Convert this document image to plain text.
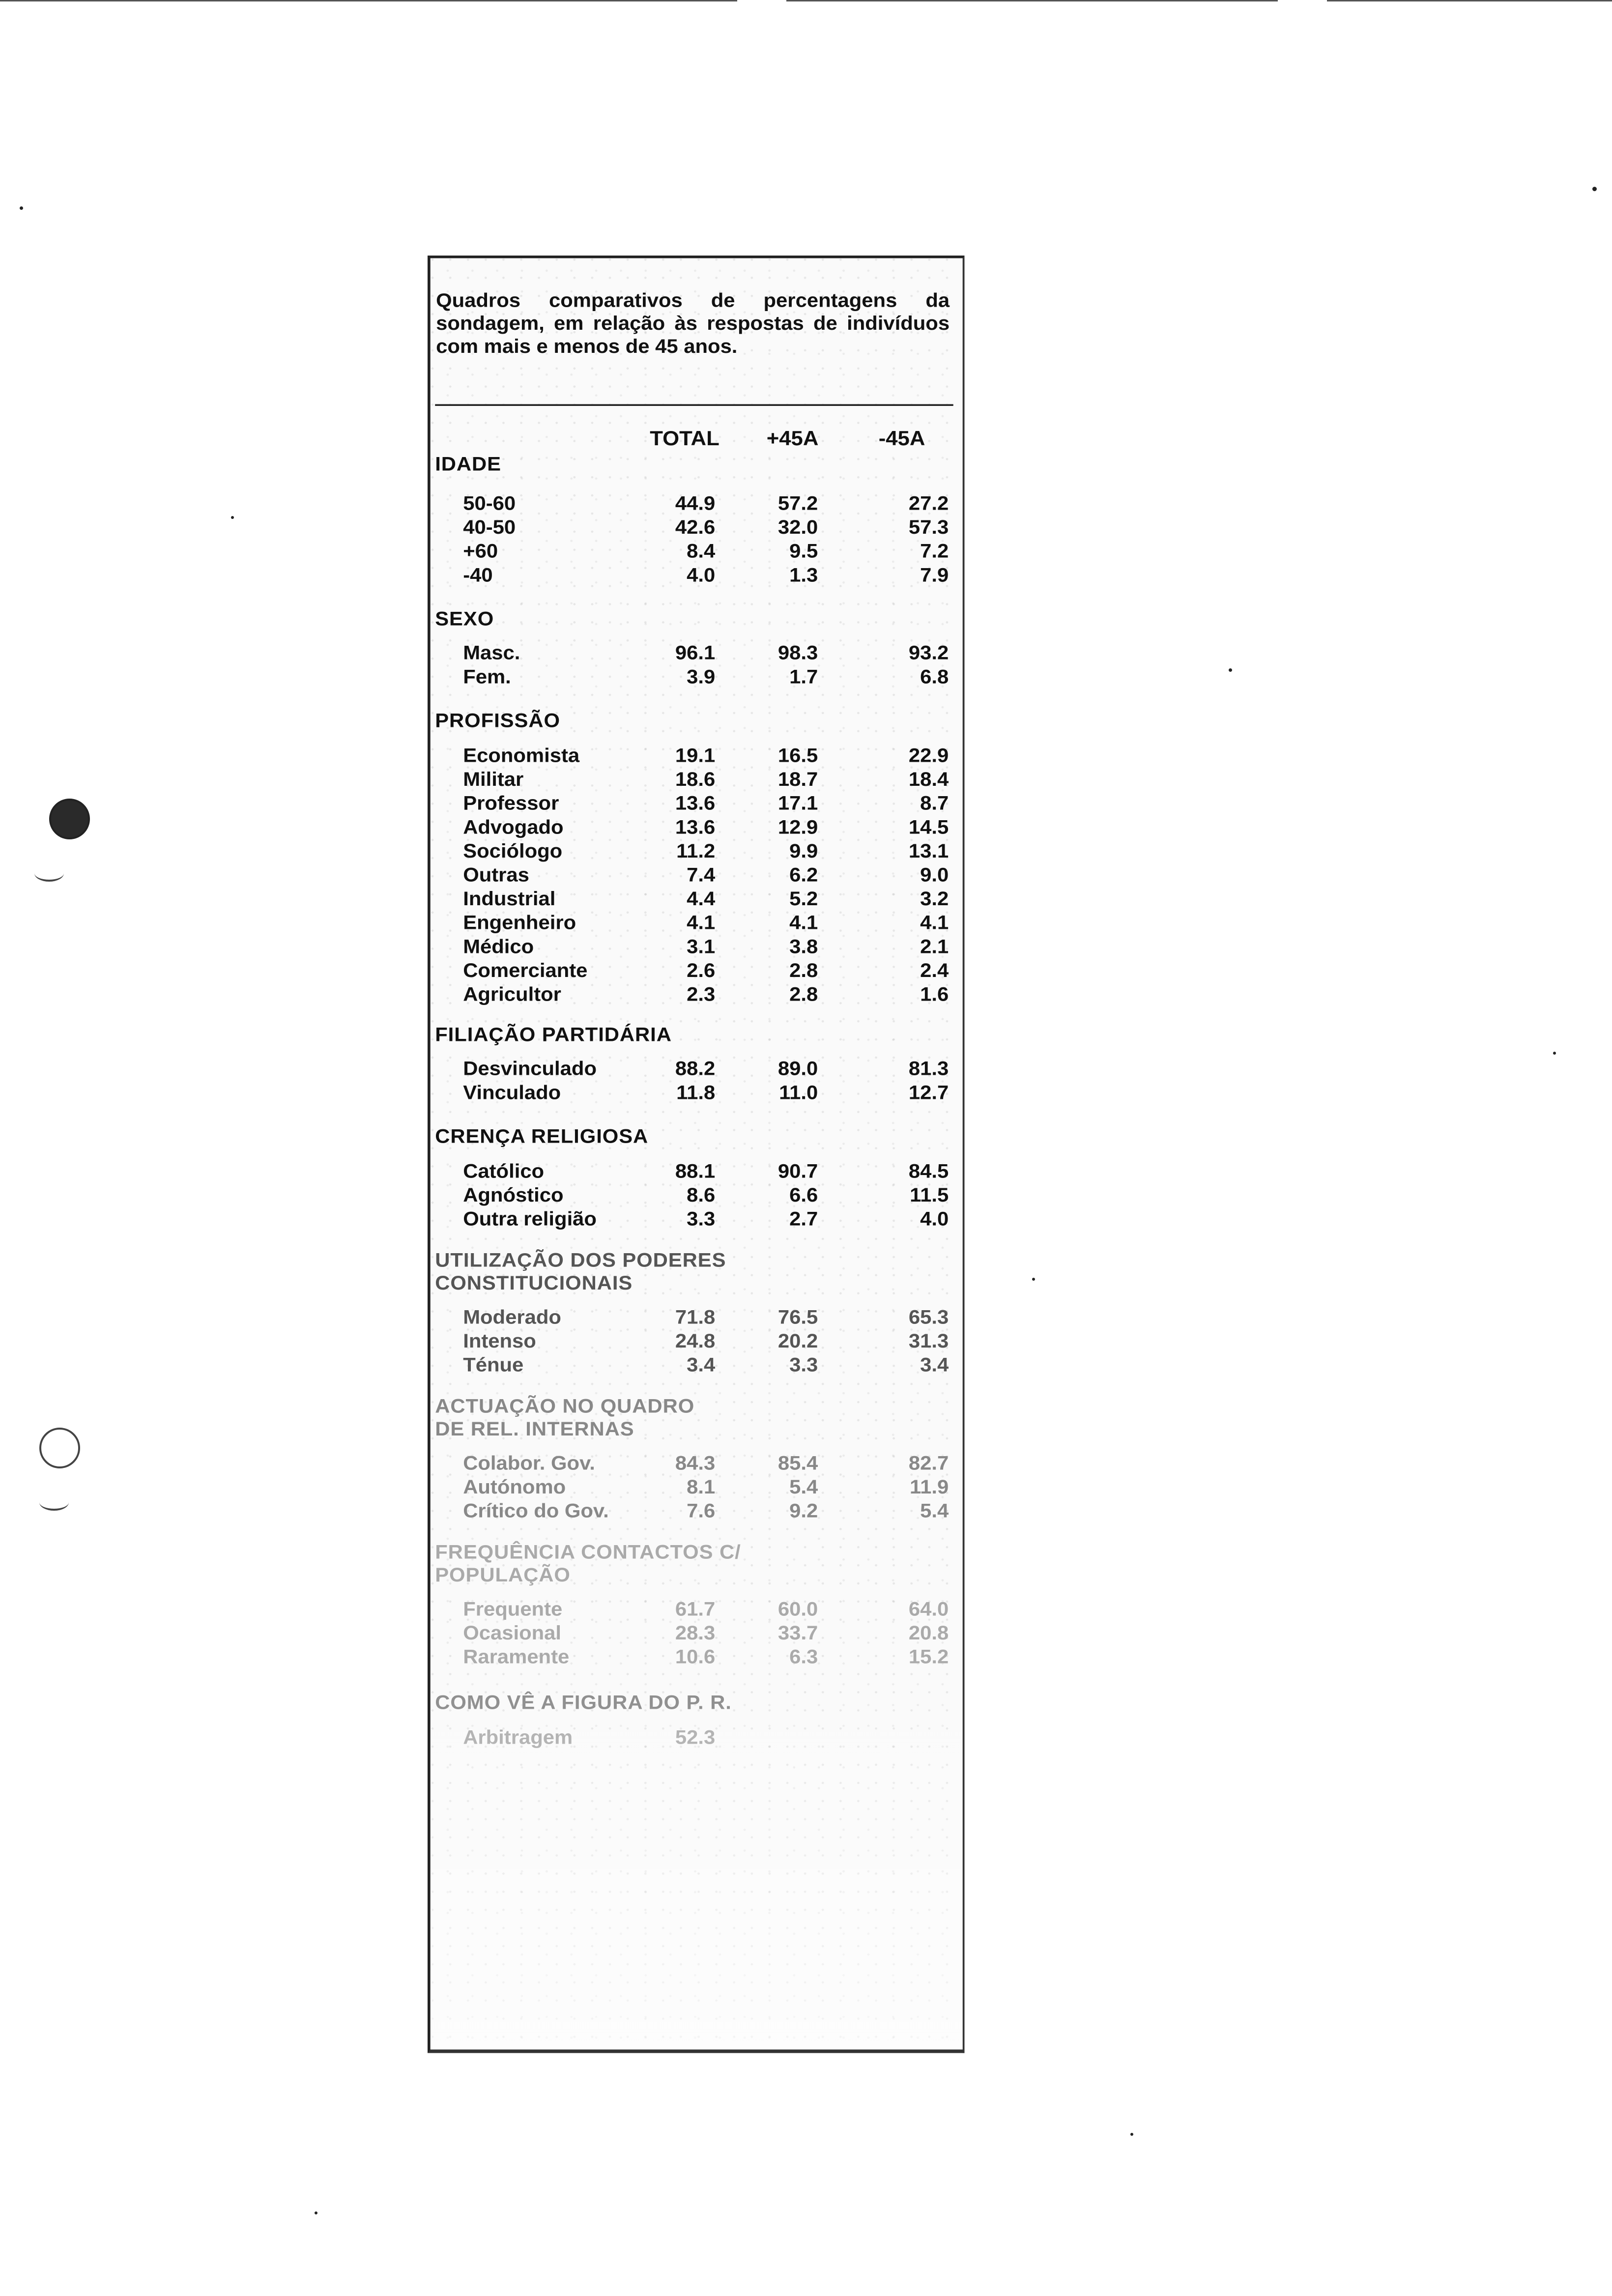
Quadros comparativos de percentagens da sondagem, em relação às respostas de indivíduos com mais e menos de 45 anos.
TOTAL +45A	-45A
IDADE
50-60	44.9	57.2	27.2
40-50	42.6	32.0	57.3
+60	8.4	9.5	7.2
-40	4.0	1.3	7.9
SEXO
Masc.	96.1	98.3	93.2
Fem.	3.9	1.7	6.8
PROFISSÃO
Economista	19.1	16.5	22.9
Militar	18.6	18.7	18.4
Professor	13.6	17.1	8.7
Advogado	13.6	12.9	14.5
Sociólogo	11.2	9.9	13.1
Outras	7.4	6.2	9.0
Industrial	4.4	5.2	3.2
Engenheiro	4.1	4.1	4.1
Médico	3.1	3.8	2.1
Comerciante	2.6	2.8	2.4
Agricultor	2.3	2.8	1.6
FILIAÇÃO PARTIDÁRIA
Desvinculado	88.2	89.0	81.3
Vinculado	11.8	11.0	12.7
CRENÇA RELIGIOSA
Católico	88.1	90.7	84.5
Agnóstico	8.6	6.6	11.5
Outra religião	3.3	2.7	4.0
UTILIZAÇÃO DOS PODERES CONSTITUCIONAIS
Moderado	71.8	76.5	65.3
Intenso	24.8	20.2	31.3
Ténue	3.4	3.3	3.4
ACTUAÇÃO NO QUADRO DE REL. INTERNAS
Colabor. Gov.	84.3	85.4	82.7
Autónomo	8.1	5.4	11.9
Crítico do Gov.	7.6	9.2	5.4
FREQUÊNCIA CONTACTOS C/ POPULAÇÃO
Frequente	61.7	60.0	64.0
Ocasional	28.3	33.7	20.8
Raramente	10.6	6.3	15.2
COMO VÊ A FIGURA DO P. R.
Arbitragem	52.3
